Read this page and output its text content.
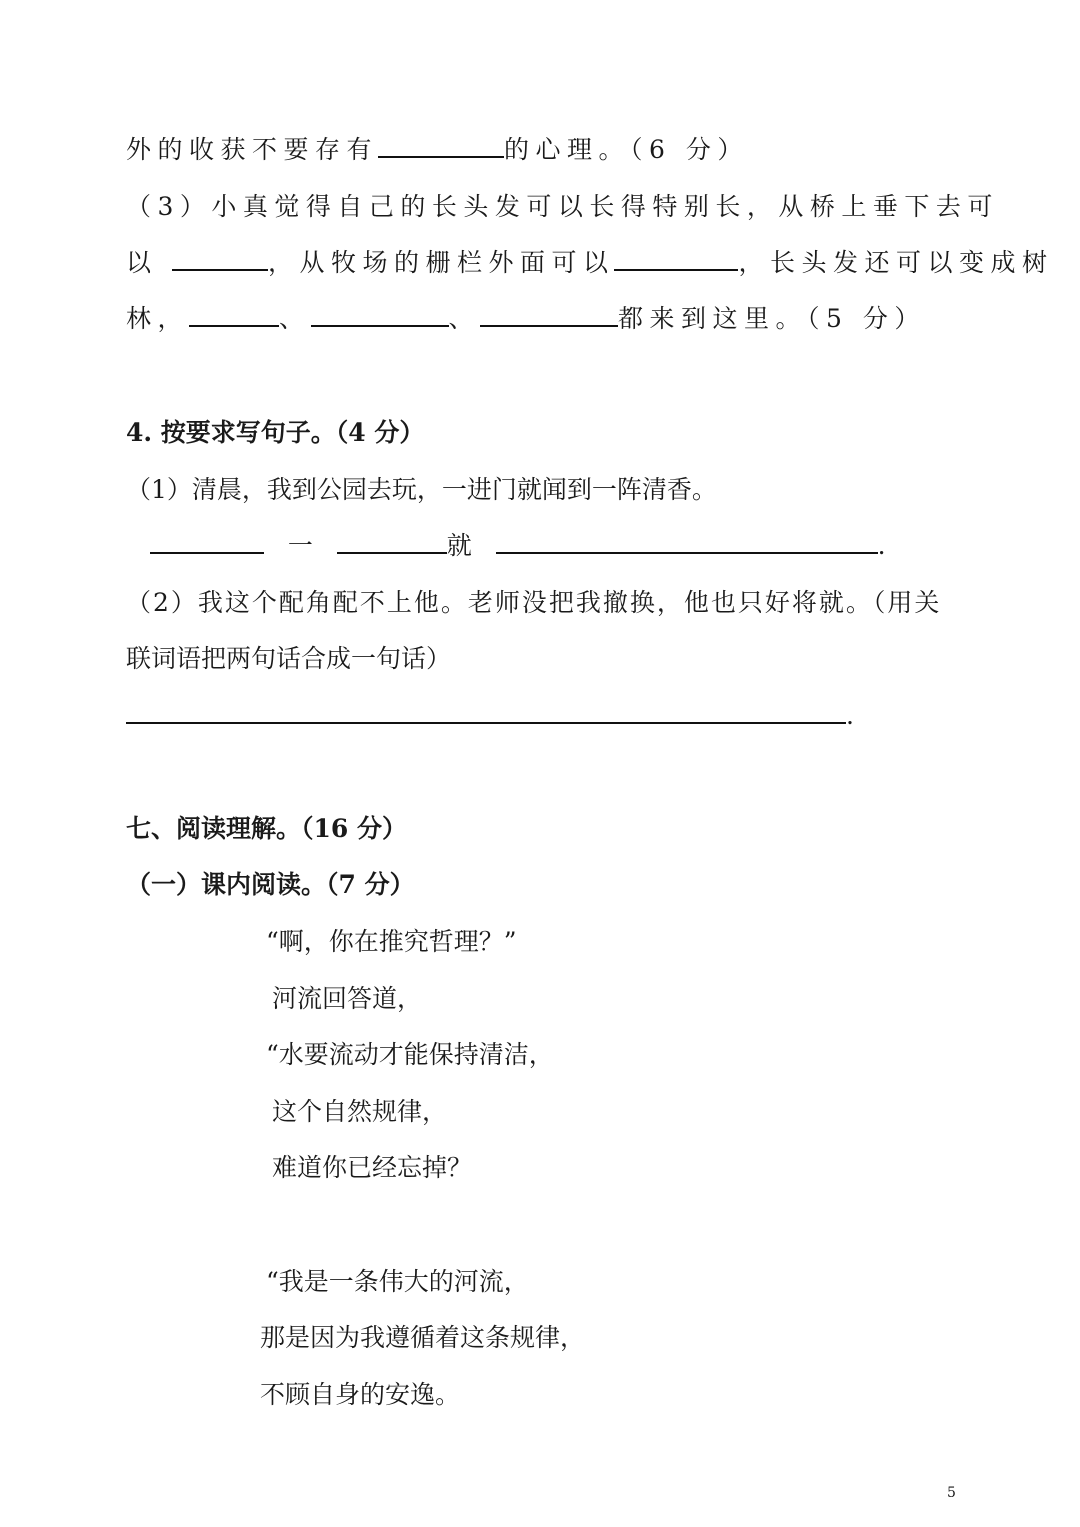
外的收获不要存有	的心理。（6 分）
（3）小真觉得自己的长头发可以长得特别长，从桥上垂下去可
以	，从牧场的栅栏外面可以	，长头发还可以变成树
林，	、	、	都来到这里。（5 分）
4. 按要求写句子。（4 分）
（1）清晨，我到公园去玩，一进门就闻到一阵清香。
一	就	.
（2）我这个配角配不上他。老师没把我撤换，他也只好将就。（用关
联词语把两句话合成一句话）
.
七、阅读理解。（16 分）
（一）课内阅读。（7 分）
“啊，你在推究哲理？”
河流回答道，
“水要流动才能保持清洁，
这个自然规律，
难道你已经忘掉？
“我是一条伟大的河流，
那是因为我遵循着这条规律，
不顾自身的安逸。
5
